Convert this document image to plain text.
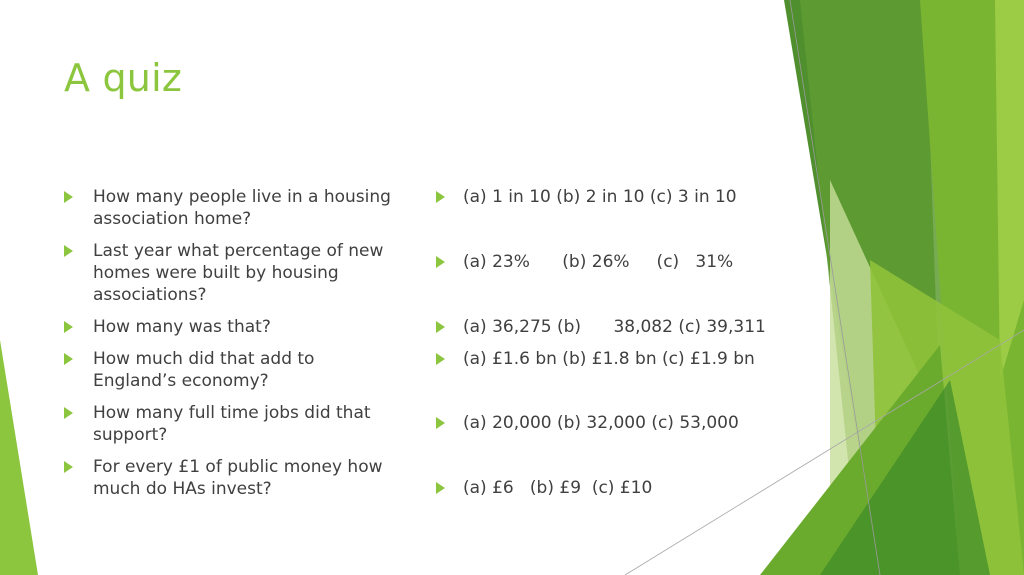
A quiz
How many people live in a housing
association home?
Last year what percentage of new
homes were built by housing
associations?
How many was that?
How much did that add to
England’s economy?
How many full time jobs did that
support?
For every £1 of public money how
much do HAs invest?
(a) 1 in 10 (b) 2 in 10 (c) 3 in 10
(a) 23%      (b) 26%     (c)   31%
(a) 36,275 (b)      38,082 (c) 39,311
(a) £1.6 bn (b) £1.8 bn (c) £1.9 bn
(a) 20,000 (b) 32,000 (c) 53,000
(a) £6   (b) £9  (c) £10
